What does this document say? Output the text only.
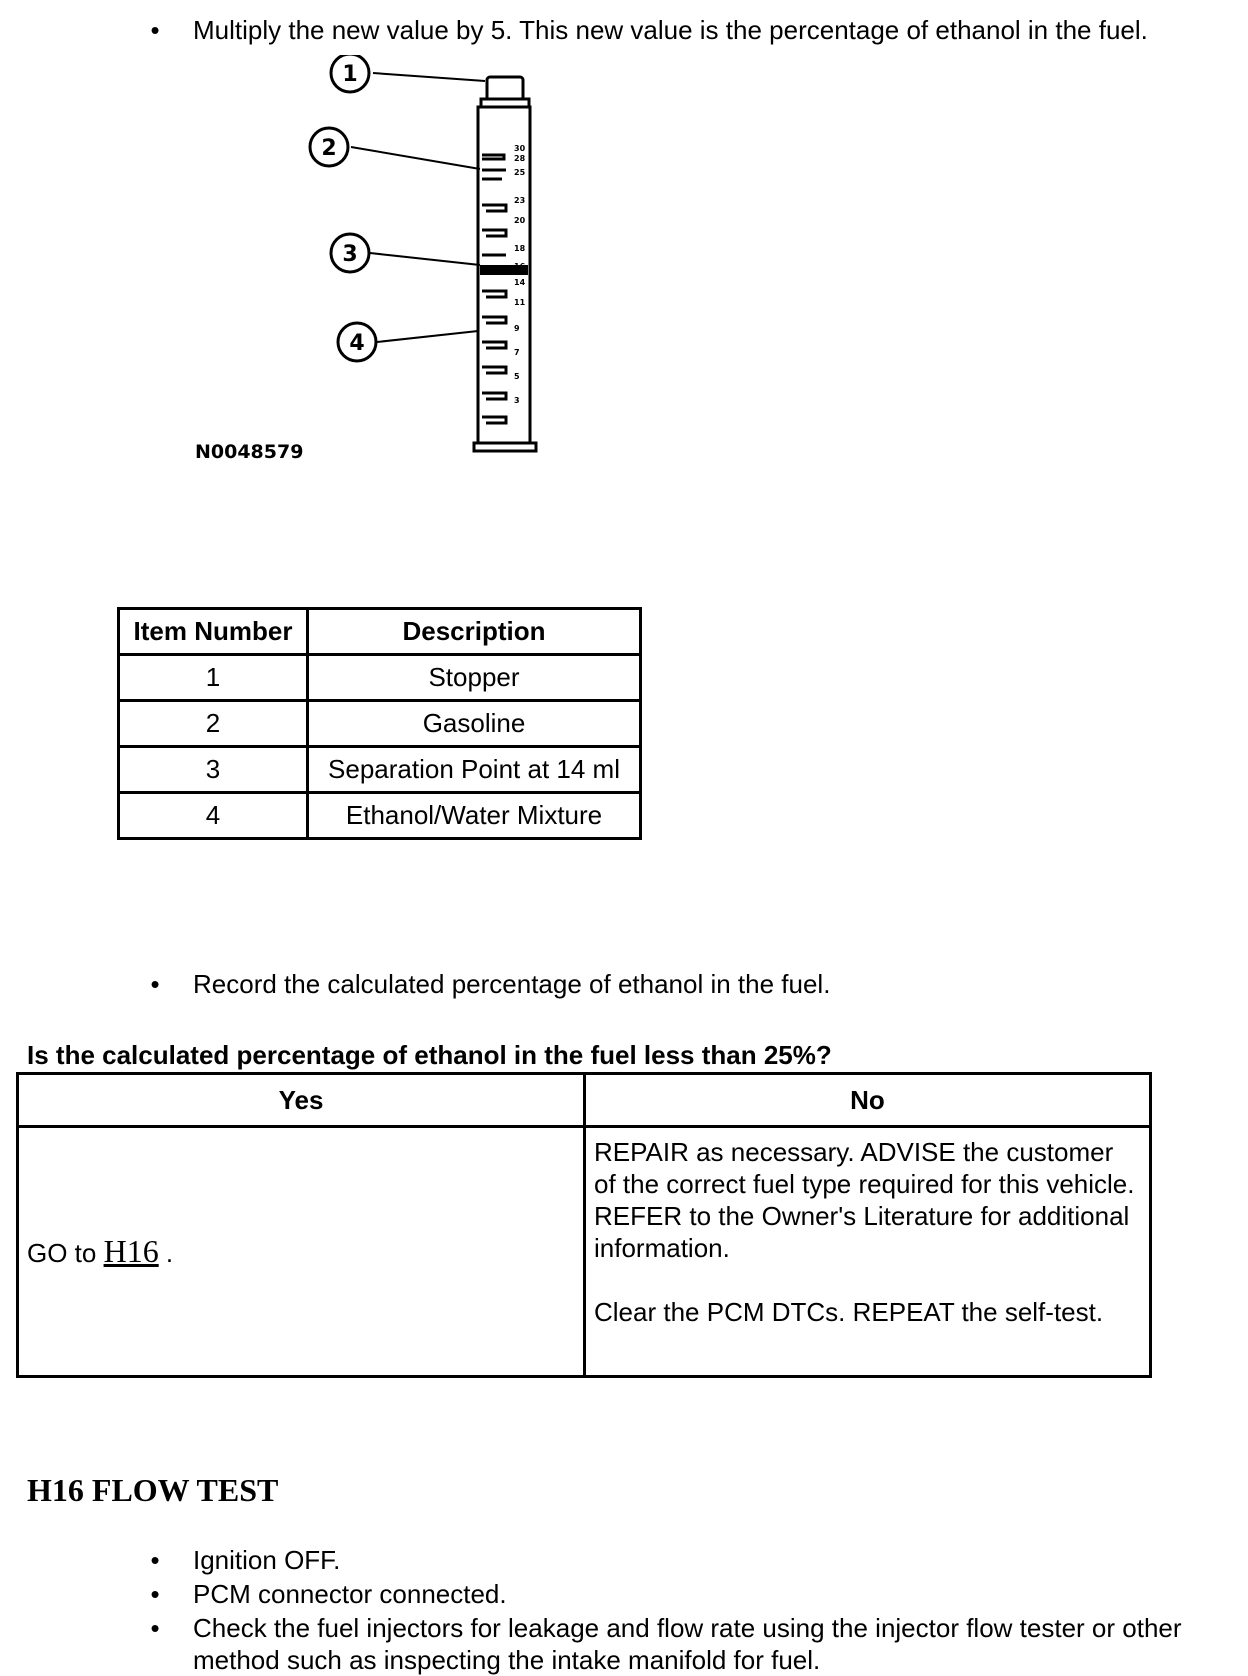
• Multiply the new value by 5. This new value is the percentage of ethanol in the fuel.
30
28
25
23
20
18
16
14
11
9
7
5
3
1
2
3
4
N0048579
Item Number	Description
1	Stopper
2	Gasoline
3	Separation Point at 14 ml
4	Ethanol/Water Mixture
• Record the calculated percentage of ethanol in the fuel.
Is the calculated percentage of ethanol in the fuel less than 25%?
Yes	No
GO to H16 .	REPAIR as necessary. ADVISE the customer of the correct fuel type required for this vehicle. REFER to the Owner's Literature for additional information.
Clear the PCM DTCs. REPEAT the self-test.
H16 FLOW TEST
• Ignition OFF.
• PCM connector connected.
• Check the fuel injectors for leakage and flow rate using the injector flow tester or other method such as inspecting the intake manifold for fuel.
